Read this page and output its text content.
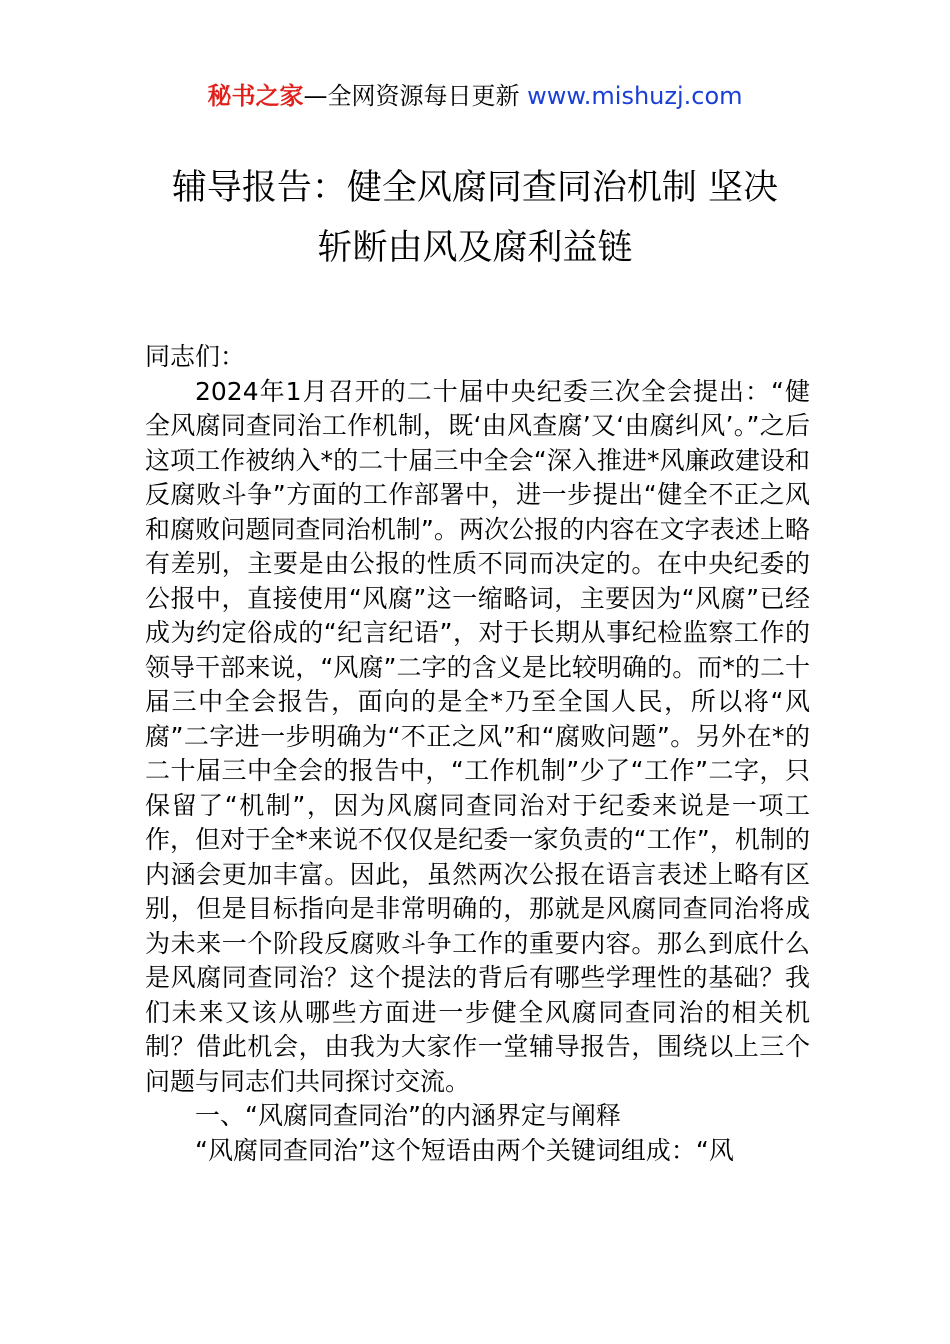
秘书之家—全网资源每日更新 www.mishuzj.com
辅导报告：健全风腐同查同治机制 坚决
斩断由风及腐利益链

同志们：

2024年1月召开的二十届中央纪委三次全会提出：“健全风腐同查同治工作机制，既‘由风查腐’又‘由腐纠风’。”之后这项工作被纳入*的二十届三中全会“深入推进*风廉政建设和反腐败斗争”方面的工作部署中，进一步提出“健全不正之风和腐败问题同查同治机制”。两次公报的内容在文字表述上略有差别，主要是由公报的性质不同而决定的。在中央纪委的公报中，直接使用“风腐”这一缩略词，主要因为“风腐”已经成为约定俗成的“纪言纪语”，对于长期从事纪检监察工作的领导干部来说，“风腐”二字的含义是比较明确的。而*的二十届三中全会报告，面向的是全*乃至全国人民，所以将“风腐”二字进一步明确为“不正之风”和“腐败问题”。另外在*的二十届三中全会的报告中，“工作机制”少了“工作”二字，只保留了“机制”，因为风腐同查同治对于纪委来说是一项工作，但对于全*来说不仅仅是纪委一家负责的“工作”，机制的内涵会更加丰富。因此，虽然两次公报在语言表述上略有区别，但是目标指向是非常明确的，那就是风腐同查同治将成为未来一个阶段反腐败斗争工作的重要内容。那么到底什么是风腐同查同治？这个提法的背后有哪些学理性的基础？我们未来又该从哪些方面进一步健全风腐同查同治的相关机制？借此机会，由我为大家作一堂辅导报告，围绕以上三个问题与同志们共同探讨交流。

一、“风腐同查同治”的内涵界定与阐释

“风腐同查同治”这个短语由两个关键词组成：“风
